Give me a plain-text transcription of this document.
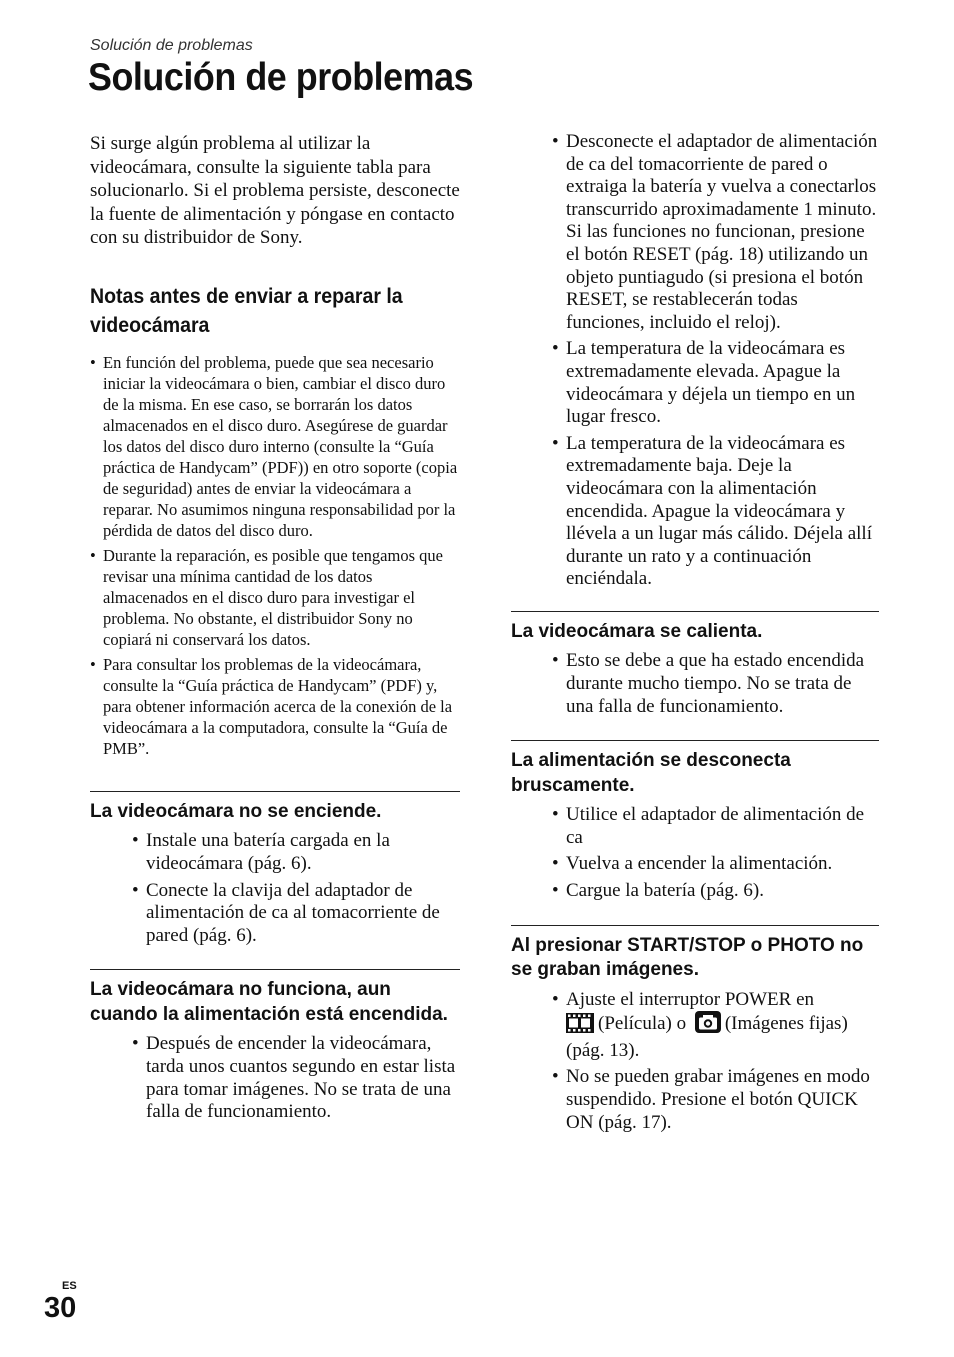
Solución de problemas
Solución de problemas

Si surge algún problema al utilizar la videocámara, consulte la siguiente tabla para solucionarlo. Si el problema persiste, desconecte la fuente de alimentación y póngase en contacto con su distribuidor de Sony.

Notas antes de enviar a reparar la videocámara
• En función del problema, puede que sea necesario iniciar la videocámara o bien, cambiar el disco duro de la misma. En ese caso, se borrarán los datos almacenados en el disco duro. Asegúrese de guardar los datos del disco duro interno (consulte la “Guía práctica de Handycam” (PDF)) en otro soporte (copia de seguridad) antes de enviar la videocámara a reparar. No asumimos ninguna responsabilidad por la pérdida de datos del disco duro.
• Durante la reparación, es posible que tengamos que revisar una mínima cantidad de los datos almacenados en el disco duro para investigar el problema. No obstante, el distribuidor Sony no copiará ni conservará los datos.
• Para consultar los problemas de la videocámara, consulte la “Guía práctica de Handycam” (PDF) y, para obtener información acerca de la conexión de la videocámara a la computadora, consulte la “Guía de PMB”.
La videocámara no se enciende.
• Instale una batería cargada en la videocámara (pág. 6).
• Conecte la clavija del adaptador de alimentación de ca al tomacorriente de pared (pág. 6).
La videocámara no funciona, aun cuando la alimentación está encendida.
• Después de encender la videocámara, tarda unos cuantos segundo en estar lista para tomar imágenes. No se trata de una falla de funcionamiento.
• Desconecte el adaptador de alimentación de ca del tomacorriente de pared o extraiga la batería y vuelva a conectarlos transcurrido aproximadamente 1 minuto.
Si las funciones no funcionan, presione el botón RESET (pág. 18) utilizando un objeto puntiagudo (si presiona el botón RESET, se restablecerán todas funciones, incluido el reloj).
• La temperatura de la videocámara es extremadamente elevada. Apague la videocámara y déjela un tiempo en un lugar fresco.
• La temperatura de la videocámara es extremadamente baja. Deje la videocámara con la alimentación encendida. Apague la videocámara y llévela a un lugar más cálido. Déjela allí durante un rato y a continuación enciéndala.
La videocámara se calienta.
• Esto se debe a que ha estado encendida durante mucho tiempo. No se trata de una falla de funcionamiento.
La alimentación se desconecta bruscamente.
• Utilice el adaptador de alimentación de ca
• Vuelva a encender la alimentación.
• Cargue la batería (pág. 6).
Al presionar START/STOP o PHOTO no se graban imágenes.
• Ajuste el interruptor POWER en
(Película) o (Imágenes fijas) (pág. 13).
• No se pueden grabar imágenes en modo suspendido. Presione el botón QUICK ON (pág. 17).
ES
30
